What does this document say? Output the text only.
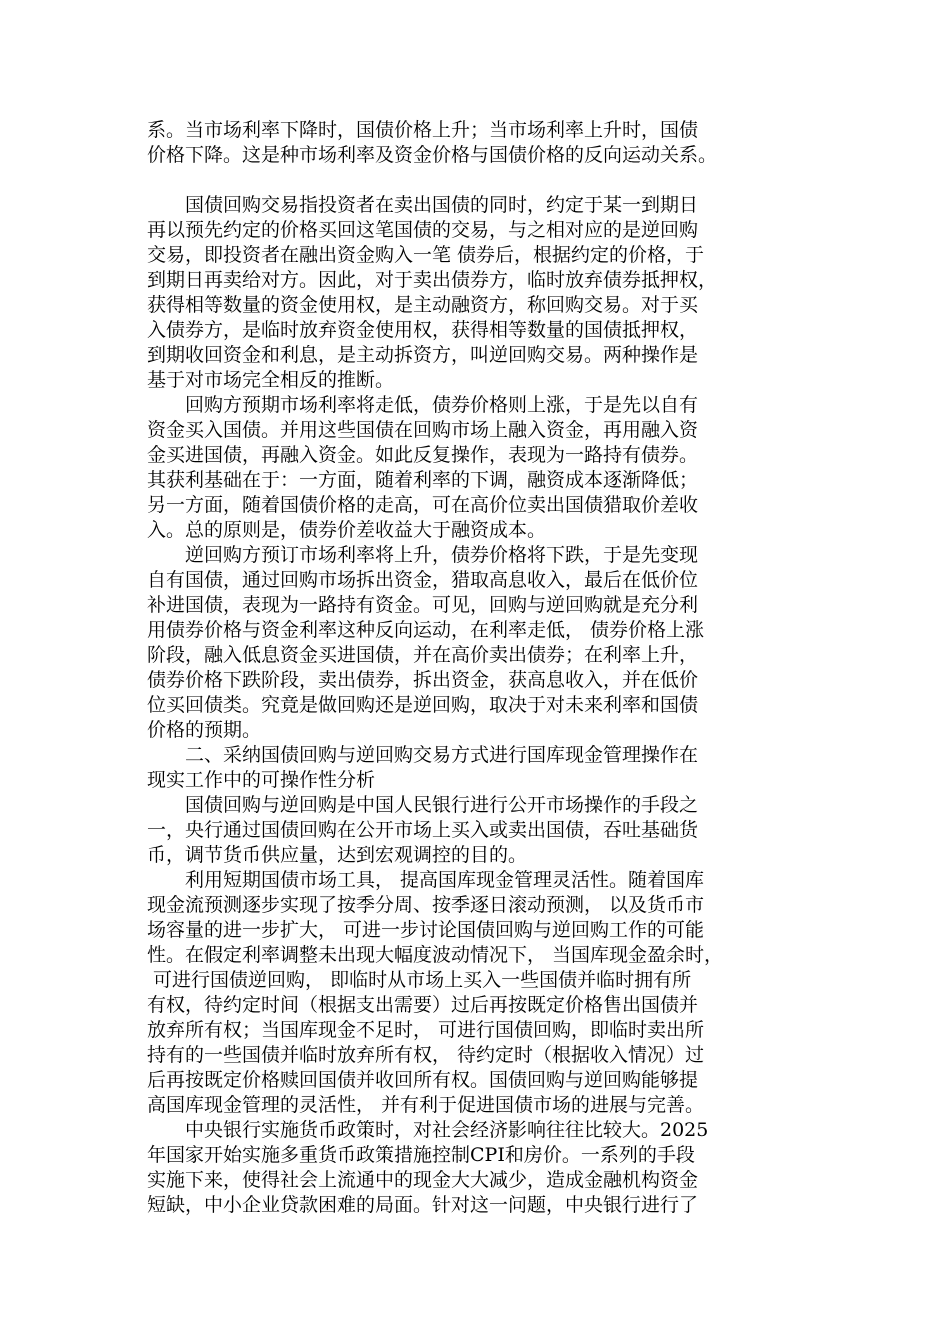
系。当市场利率下降时，国债价格上升；当市场利率上升时，国债
价格下降。这是种市场利率及资金价格与国债价格的反向运动关系。
　　国债回购交易指投资者在卖出国债的同时，约定于某一到期日
再以预先约定的价格买回这笔国债的交易，与之相对应的是逆回购
交易，即投资者在融出资金购入一笔 债券后，根据约定的价格，于
到期日再卖给对方。因此，对于卖出债券方，临时放弃债券抵押权，
获得相等数量的资金使用权，是主动融资方，称回购交易。对于买
入债券方，是临时放弃资金使用权，获得相等数量的国债抵押权，
到期收回资金和利息，是主动拆资方，叫逆回购交易。两种操作是
基于对市场完全相反的推断。
　　回购方预期市场利率将走低，债券价格则上涨，于是先以自有
资金买入国债。并用这些国债在回购市场上融入资金，再用融入资
金买进国债，再融入资金。如此反复操作，表现为一路持有债券。
其获利基础在于：一方面，随着利率的下调，融资成本逐渐降低；
另一方面，随着国债价格的走高，可在高价位卖出国债猎取价差收
入。总的原则是，债券价差收益大于融资成本。
　　逆回购方预订市场利率将上升，债券价格将下跌，于是先变现
自有国债，通过回购市场拆出资金，猎取高息收入，最后在低价位
补进国债，表现为一路持有资金。可见，回购与逆回购就是充分利
用债券价格与资金利率这种反向运动，在利率走低， 债券价格上涨
阶段，融入低息资金买进国债，并在高价卖出债券；在利率上升，
债券价格下跌阶段，卖出债券，拆出资金，获高息收入，并在低价
位买回债类。究竟是做回购还是逆回购，取决于对未来利率和国债
价格的预期。
　　二、采纳国债回购与逆回购交易方式进行国库现金管理操作在
现实工作中的可操作性分析
　　国债回购与逆回购是中国人民银行进行公开市场操作的手段之
一，央行通过国债回购在公开市场上买入或卖出国债，吞吐基础货
币，调节货币供应量，达到宏观调控的目的。
　　利用短期国债市场工具， 提高国库现金管理灵活性。随着国库
现金流预测逐步实现了按季分周、按季逐日滚动预测， 以及货币市
场容量的进一步扩大， 可进一步讨论国债回购与逆回购工作的可能
性。在假定利率调整未出现大幅度波动情况下， 当国库现金盈余时，
可进行国债逆回购， 即临时从市场上买入一些国债并临时拥有所
有权，待约定时间（根据支出需要）过后再按既定价格售出国债并
放弃所有权；当国库现金不足时， 可进行国债回购，即临时卖出所
持有的一些国债并临时放弃所有权， 待约定时（根据收入情况）过
后再按既定价格赎回国债并收回所有权。国债回购与逆回购能够提
高国库现金管理的灵活性， 并有利于促进国债市场的进展与完善。
　　中央银行实施货币政策时，对社会经济影响往往比较大。2025
年国家开始实施多重货币政策措施控制CPI和房价。一系列的手段
实施下来，使得社会上流通中的现金大大减少，造成金融机构资金
短缺，中小企业贷款困难的局面。针对这一问题，中央银行进行了
